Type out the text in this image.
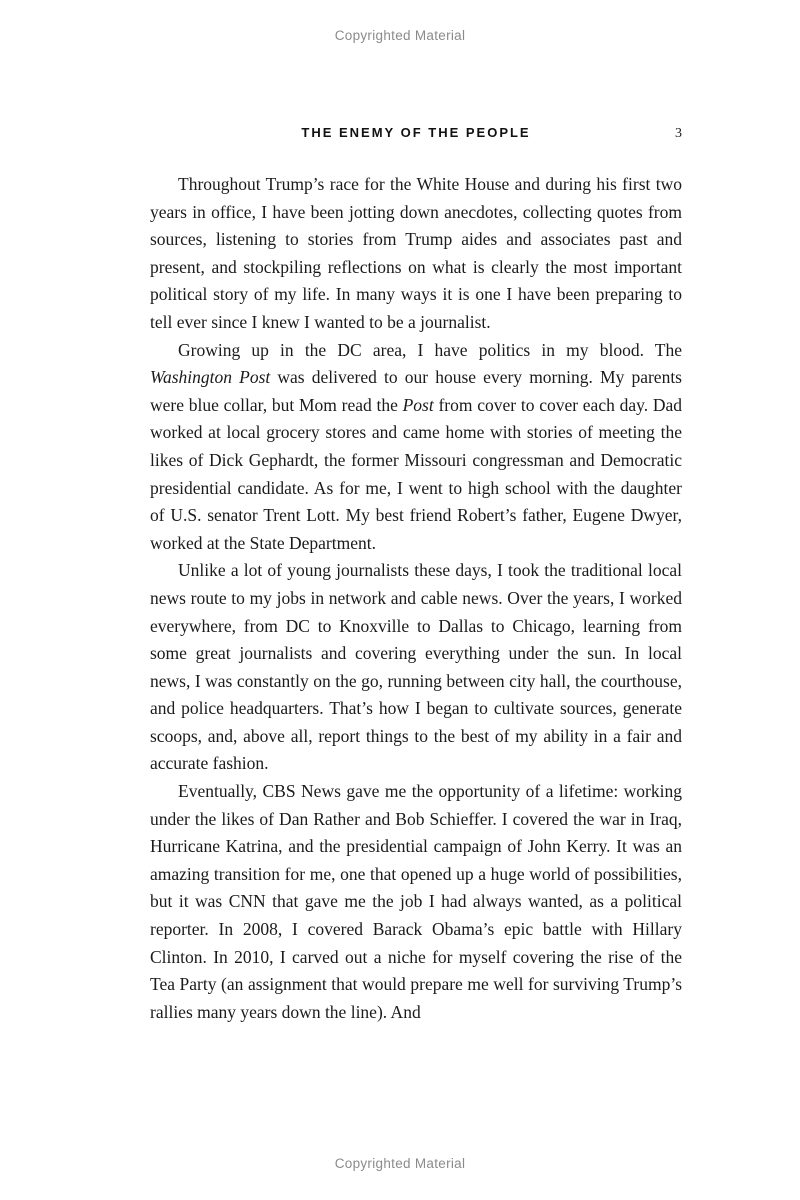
Copyrighted Material
THE ENEMY OF THE PEOPLE	3

Throughout Trump’s race for the White House and during his first two years in office, I have been jotting down anecdotes, collecting quotes from sources, listening to stories from Trump aides and associates past and present, and stockpiling reflections on what is clearly the most important political story of my life. In many ways it is one I have been preparing to tell ever since I knew I wanted to be a journalist.

Growing up in the DC area, I have politics in my blood. The Washington Post was delivered to our house every morning. My parents were blue collar, but Mom read the Post from cover to cover each day. Dad worked at local grocery stores and came home with stories of meeting the likes of Dick Gephardt, the former Missouri congressman and Democratic presidential candidate. As for me, I went to high school with the daughter of U.S. senator Trent Lott. My best friend Robert’s father, Eugene Dwyer, worked at the State Department.

Unlike a lot of young journalists these days, I took the traditional local news route to my jobs in network and cable news. Over the years, I worked everywhere, from DC to Knoxville to Dallas to Chicago, learning from some great journalists and covering everything under the sun. In local news, I was constantly on the go, running between city hall, the courthouse, and police headquarters. That’s how I began to cultivate sources, generate scoops, and, above all, report things to the best of my ability in a fair and accurate fashion.

Eventually, CBS News gave me the opportunity of a lifetime: working under the likes of Dan Rather and Bob Schieffer. I covered the war in Iraq, Hurricane Katrina, and the presidential campaign of John Kerry. It was an amazing transition for me, one that opened up a huge world of possibilities, but it was CNN that gave me the job I had always wanted, as a political reporter. In 2008, I covered Barack Obama’s epic battle with Hillary Clinton. In 2010, I carved out a niche for myself covering the rise of the Tea Party (an assignment that would prepare me well for surviving Trump’s rallies many years down the line). And

Copyrighted Material
